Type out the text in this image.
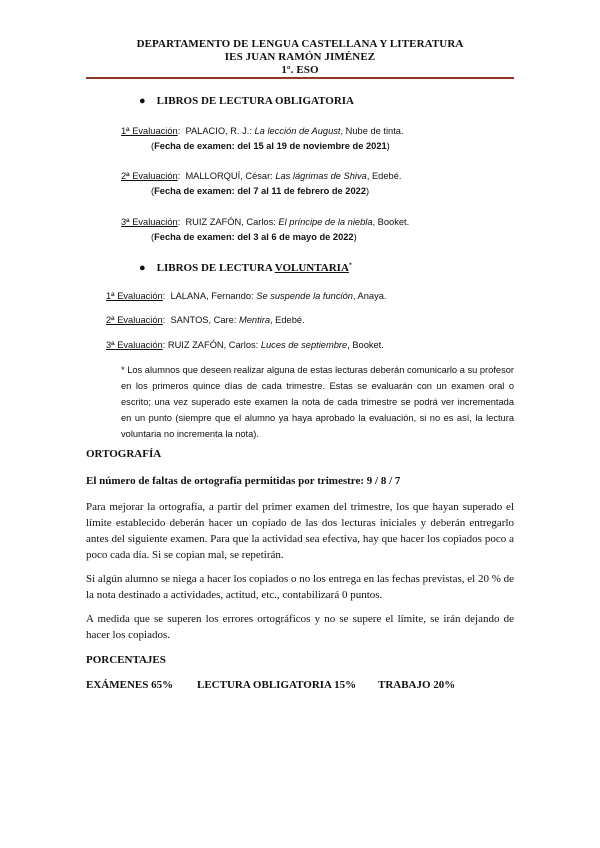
DEPARTAMENTO DE LENGUA CASTELLANA Y LITERATURA
IES JUAN RAMÓN JIMÉNEZ
1º. ESO
● LIBROS DE LECTURA OBLIGATORIA
1ª Evaluación:  PALACIO, R. J.: La lección de August, Nube de tinta.
(Fecha de examen: del 15 al 19 de noviembre de 2021)
2ª Evaluación:  MALLORQUÍ, César: Las lágrimas de Shiva, Edebé.
(Fecha de examen: del 7 al 11 de febrero de 2022)
3ª Evaluación:  RUIZ ZAFÓN, Carlos: El príncipe de la niebla, Booket.
(Fecha de examen: del 3 al 6 de mayo de 2022)
● LIBROS DE LECTURA VOLUNTARIA*
1ª Evaluación:  LALANA, Fernando: Se suspende la función, Anaya.
2ª Evaluación:  SANTOS, Care: Mentira, Edebé.
3ª Evaluación: RUIZ ZAFÓN, Carlos: Luces de septiembre, Booket.
* Los alumnos que deseen realizar alguna de estas lecturas deberán comunicarlo a su profesor en los primeros quince días de cada trimestre. Estas se evaluarán con un examen oral o escrito; una vez superado este examen la nota de cada trimestre se podrá ver incrementada en un punto (siempre que el alumno ya haya aprobado la evaluación, si no es así, la lectura voluntaria no incrementa la nota).
ORTOGRAFÍA
El número de faltas de ortografía permitidas por trimestre: 9 / 8 / 7
Para mejorar la ortografía, a partir del primer examen del trimestre, los que hayan superado el límite establecido deberán hacer un copiado de las dos lecturas iniciales y deberán entregarlo antes del siguiente examen. Para que la actividad sea efectiva, hay que hacer los copiados poco a poco cada día. Si se copian mal, se repetirán.
Si algún alumno se niega a hacer los copiados o no los entrega en las fechas previstas, el 20 % de la nota destinado a actividades, actitud, etc., contabilizará 0 puntos.
A medida que se superen los errores ortográficos y no se supere el límite, se irán dejando de hacer los copiados.
PORCENTAJES
EXÁMENES 65% LECTURA OBLIGATORIA 15% TRABAJO 20%
